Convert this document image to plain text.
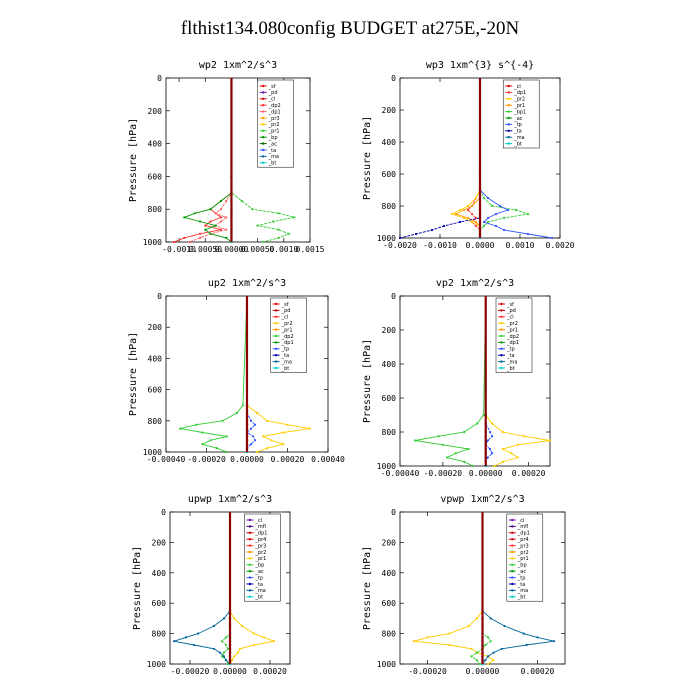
flthist134.080config BUDGET at275E,-20N
wp2 1xm^2/s^3
Pressure [hPa]
0
200
400
600
800
1000
-0.0010
0.00050
0.00000
0.00050
0.0010
0.0015
_sf
_pd
_cl
_dp2
_dp1
_pr3
_pr2
_pr1
_bp
_ac
_ta
_ma
_bt
wp3 1xm^{3} s^{-4}
Pressure [hPa]
0
200
400
600
800
1000
-0.0020 -0.0010 0.0000 0.0010 0.0020
_cl
_dp1
_pr2
_pr1
_bp1
_ac
_tp
_ta
_ma
_bt
up2 1xm^2/s^3
Pressure [hPa]
0
200
400
600
800
1000
-0.00040 -0.00020 0.00000 0.00020 0.00040
_sf
_pd
_cl
_pr2
_pr1
_dp2
_dp1
_tp
_ta
_ma
_bt
vp2 1xm^2/s^3
Pressure [hPa]
0
200
400
600
800
1000
-0.00040 -0.00020 0.00000 0.00020
_sf
_pd
_cl
_pr2
_pr1
_dp2
_dp1
_tp
_ta
_ma
_bt
upwp 1xm^2/s^3
Pressure [hPa]
0
200
400
600
800
1000
-0.00020 0.00000 0.00020
_cl
_mfl
_dp1
_pr4
_pr3
_pr2
_pr1
_bp
_ac
_tp
_ta
_ma
_bt
vpwp 1xm^2/s^3
Pressure [hPa]
0
200
400
600
800
1000
-0.00020 0.00000	0.00020
_cl
_mfl
_dp1
_pr4
_pr3
_pr2
_pr1
_bp
_ac
_tp
_ta
_ma
_bt
